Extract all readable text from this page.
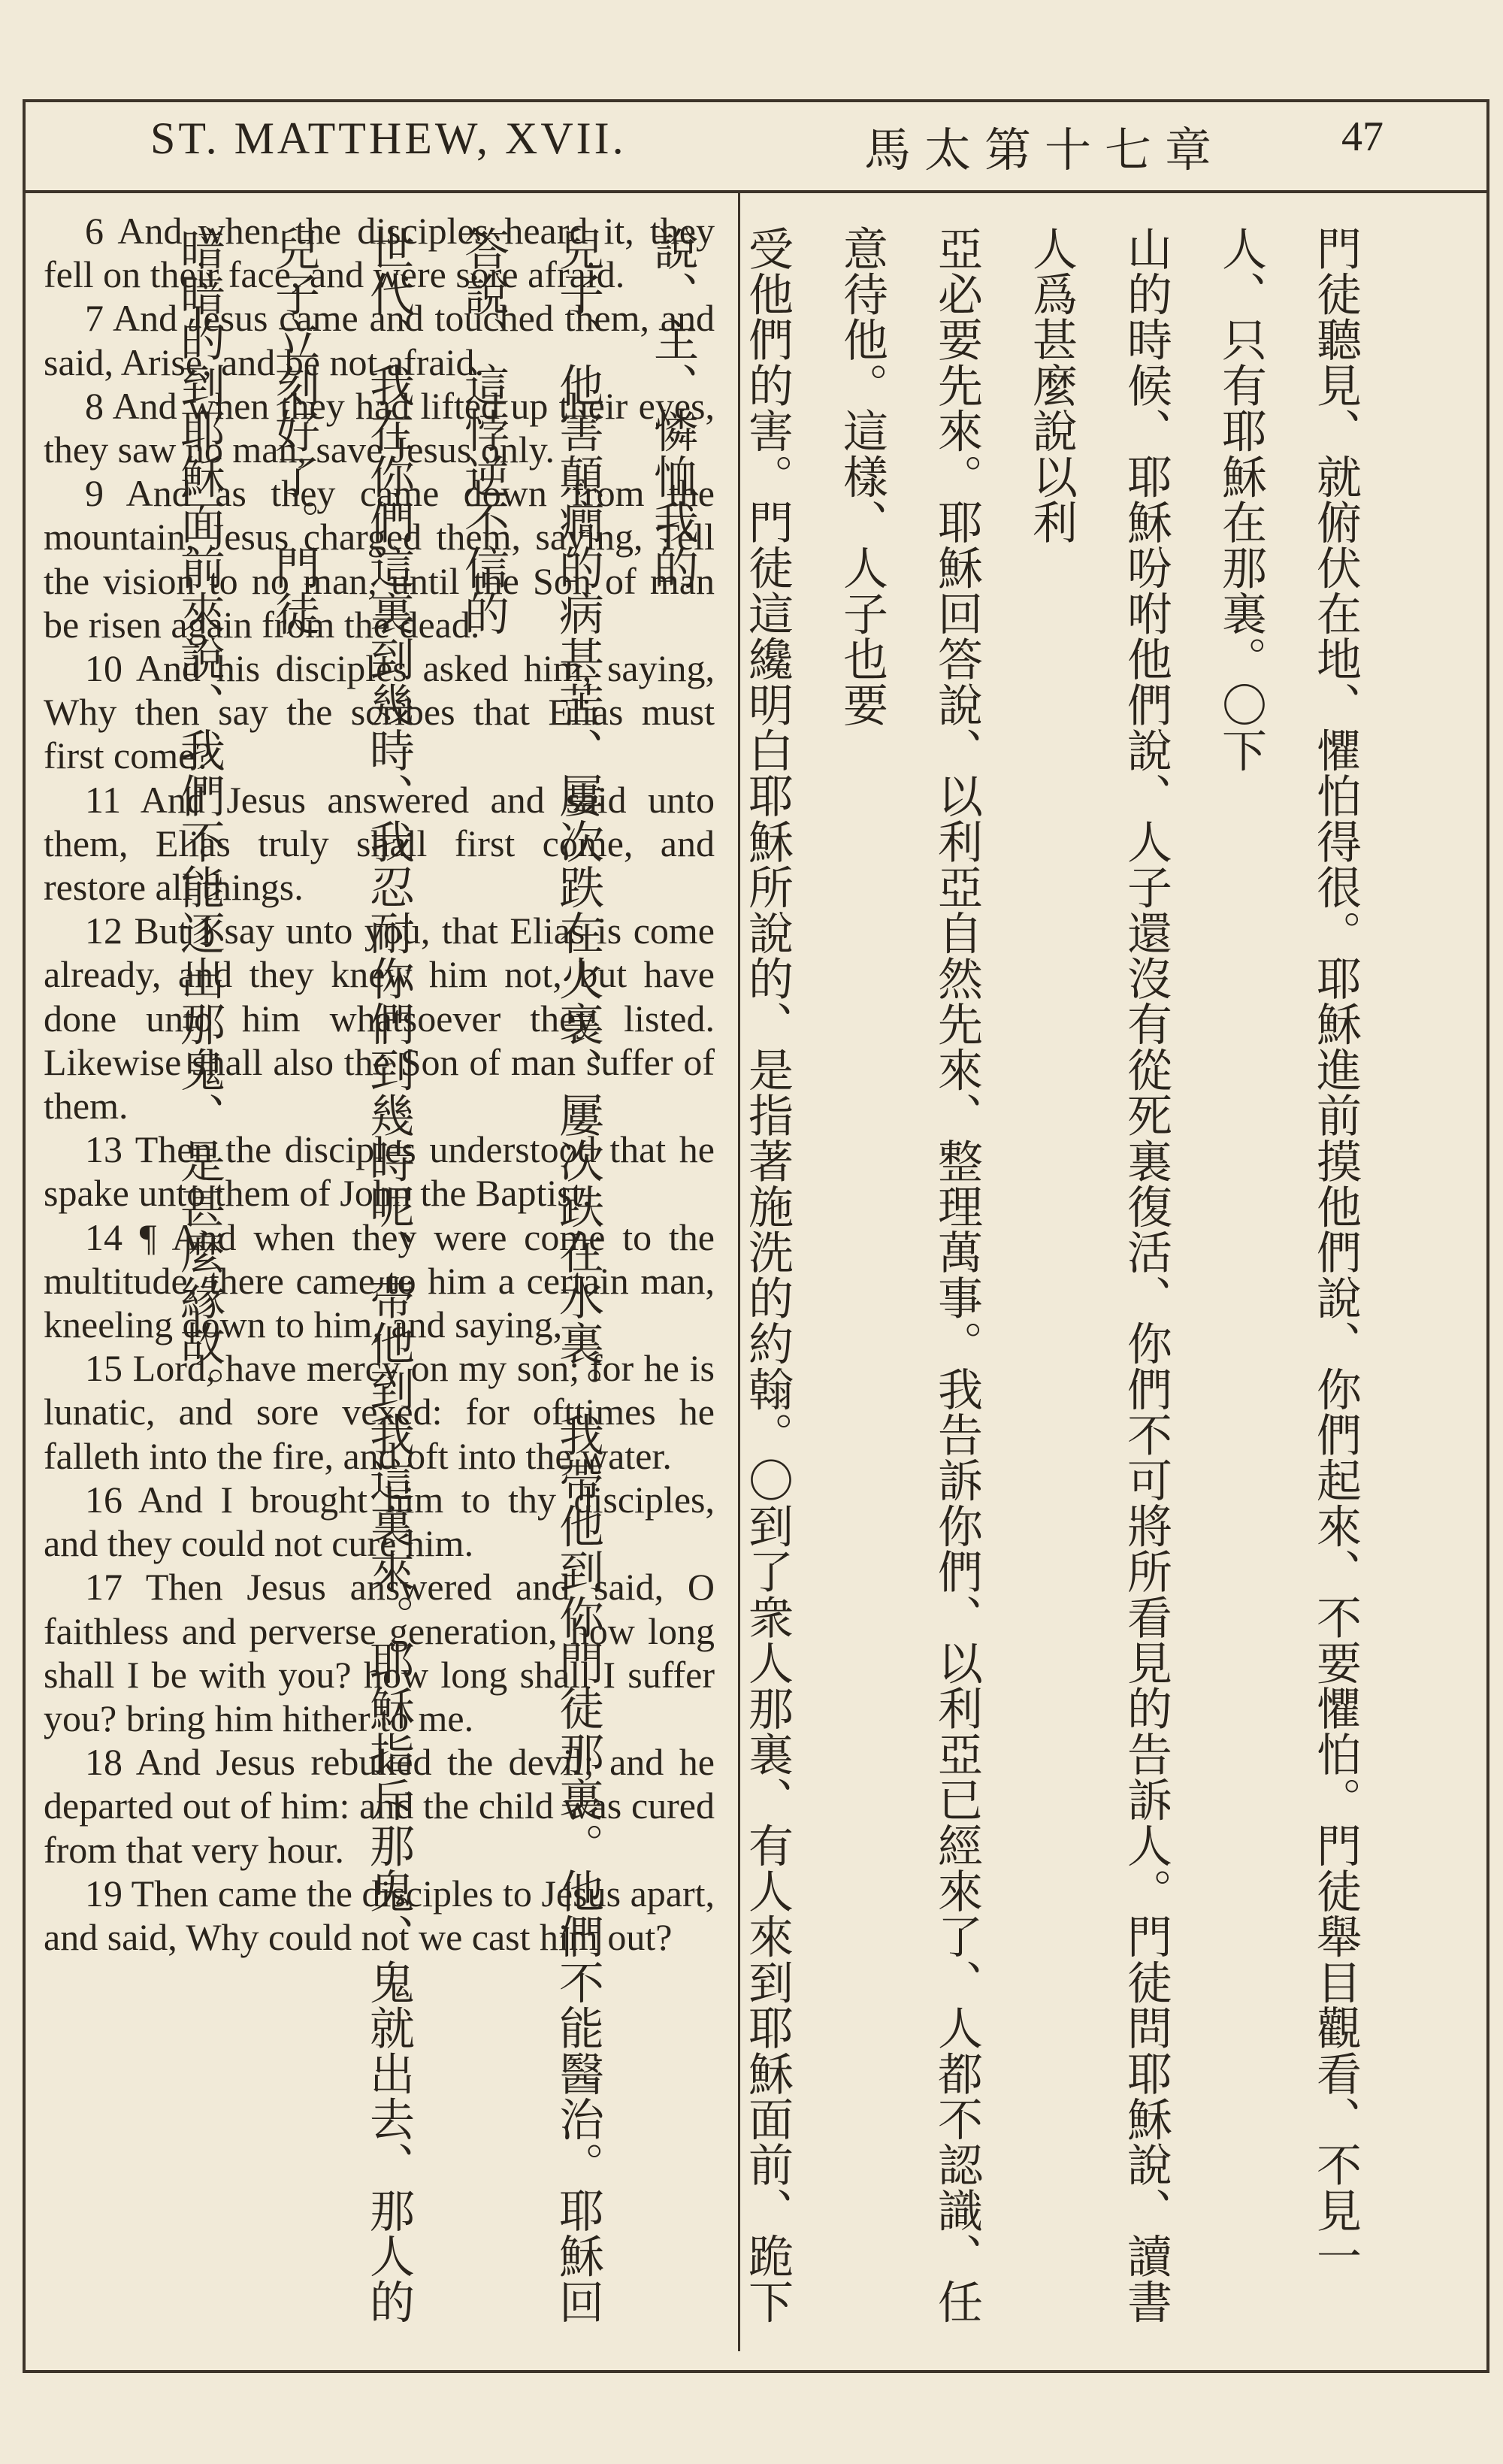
ST. MATTHEW, XVII.	馬太第十七章	47

6 And when the disciples heard it, they fell on their face, and were sore afraid.

7 And Jesus came and touched them, and said, Arise, and be not afraid.

8 And when they had lifted up their eyes, they saw no man, save Jesus only.

9 And as they came down from the mountain, Jesus charged them, saying, Tell the vision to no man, until the Son of man be risen again from the dead.

10 And his disciples asked him, saying, Why then say the scribes that Elias must first come?

11 And Jesus answered and said unto them, Elias truly shall first come, and restore all things.

12 But I say unto you, that Elias is come already, and they knew him not, but have done unto him whatsoever they listed. Likewise shall also the Son of man suffer of them.

13 Then the disciples understood that he spake unto them of John the Baptist.

14 ¶ And when they were come to the multitude, there came to him a certain man, kneeling down to him, and saying,

15 Lord, have mercy on my son; for he is lunatic, and sore vexed: for ofttimes he falleth into the fire, and oft into the water.

16 And I brought him to thy disciples, and they could not cure him.

17 Then Jesus answered and said, O faithless and perverse generation, how long shall I be with you? how long shall I suffer you? bring him hither to me.

18 And Jesus rebuked the devil; and he departed out of him: and the child was cured from that very hour.

19 Then came the disciples to Jesus apart, and said, Why could not we cast him out?	門徒聽見、就俯伏在地、懼怕得很。耶穌進前摸他們說、你們起來、不要懼怕。門徒舉目觀看、不見一人、只有耶穌在那裏。〇下
山的時候、耶穌吩咐他們說、人子還沒有從死裏復活、你們不可將所看見的告訴人。門徒問耶穌說、讀書人爲甚麼說以利
亞必要先來。耶穌回答說、以利亞自然先來、整理萬事。我告訴你們、以利亞已經來了、人都不認識、任意待他。這樣、人子也要
受他們的害。門徒這纔明白耶穌所說的、是指著施洗的約翰。〇到了衆人那裏、有人來到耶穌面前、跪下說、主、憐恤我的
兒子、他害顛癎的病甚苦、屢次跌在火裏、屢次跌在水裏。我帶他到你門徒那裏。他們不能醫治。耶穌回答說、這悖逆不信的
世代、我在你們這裏到幾時、我忍耐你們到幾時呢、帶他到我這裏來。耶穌指斥那鬼、鬼就出去、那人的兒子立刻好了。門徒
暗暗的到耶穌面前來說、我們不能逐出那鬼、是甚麼緣故。
